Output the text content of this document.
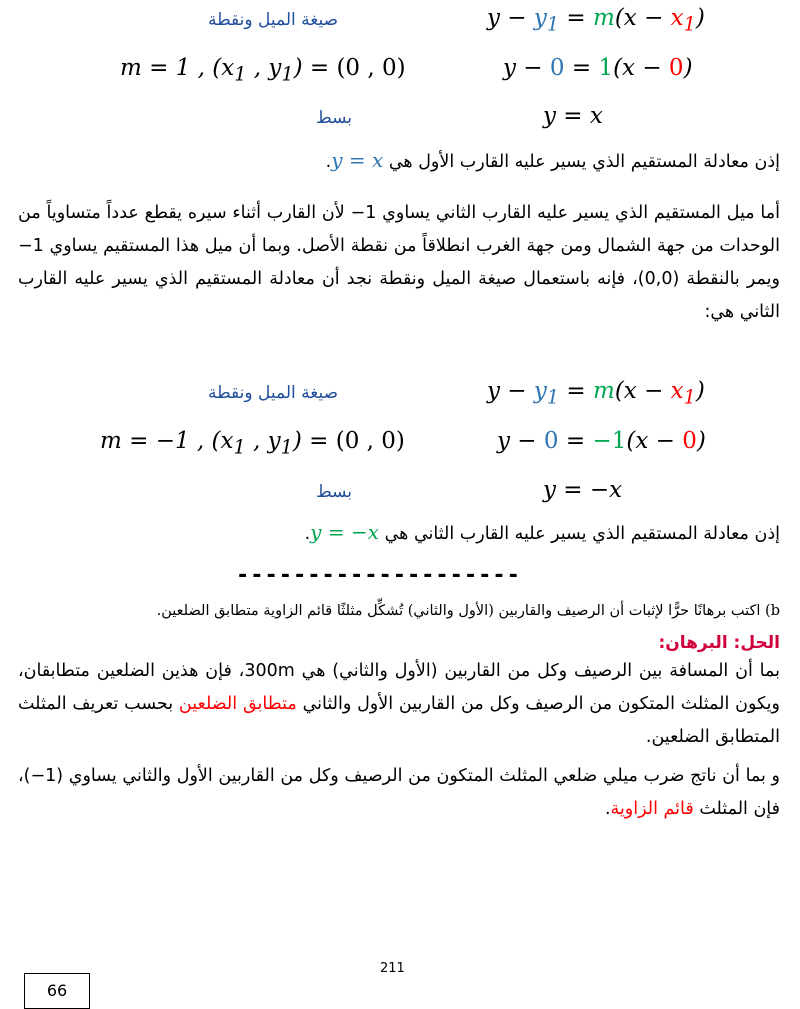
صيغة الميل ونقطة	$y - y_1 = m(x - x_1)$
m = 1 , ($x_1$ , $y_1) = (0$ , 0)	y − 0 = 1(x − 0)
بسط	y = x
إذن معادلة المستقيم الذي يسير عليه القارب الأول هي y = x.
أما ميل المستقيم الذي يسير عليه القارب الثاني يساوي 1− لأن القارب أثناء سيره يقطع عدداً متساوياً من الوحدات من جهة الشمال ومن جهة الغرب انطلاقاً من نقطة الأصل. وبما أن ميل هذا المستقيم يساوي 1− ويمر بالنقطة (0,0)، فإنه باستعمال صيغة الميل ونقطة نجد أن معادلة المستقيم الذي يسير عليه القارب الثاني هي:
صيغة الميل ونقطة	$y - y_1 = m(x - x_1)$
m = −1 , ($x_1$ , $y_1) = (0$ , 0)	y − 0 = −1(x − 0)
بسط	y = −x
إذن معادلة المستقيم الذي يسير عليه القارب الثاني هي y = −x.
--------------------
b) اكتب برهانًا حرًّا لإثبات أن الرصيف والقاربين (الأول والثاني) تُشكِّل مثلثًا قائم الزاوية متطابق الضلعين.
الحل: البرهان:
بما أن المسافة بين الرصيف وكل من القاربين (الأول والثاني) هي 300m، فإن هذين الضلعين متطابقان، ويكون المثلث المتكون من الرصيف وكل من القاربين الأول والثاني متطابق الضلعين بحسب تعريف المثلث المتطابق الضلعين.
و بما أن ناتج ضرب ميلي ضلعي المثلث المتكون من الرصيف وكل من القاربين الأول والثاني يساوي (1−)، فإن المثلث قائم الزاوية.
211
66
